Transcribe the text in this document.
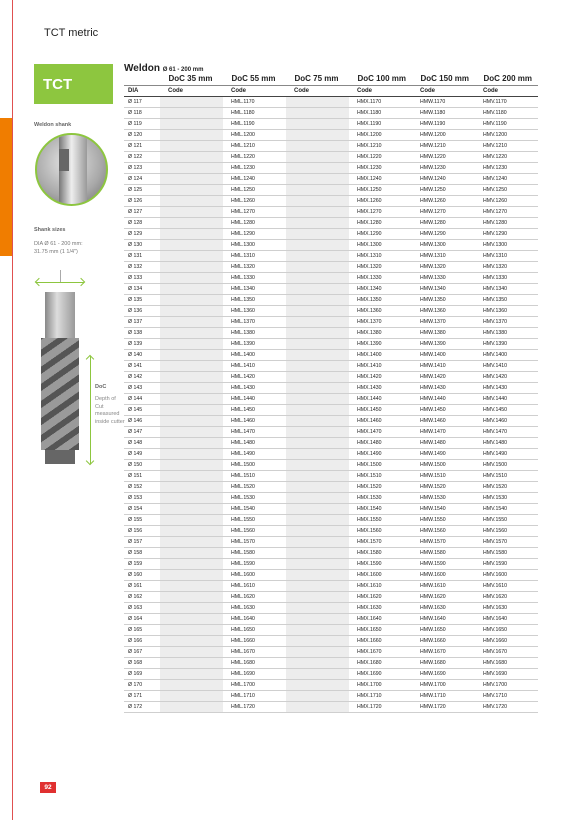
TCT metric
TCT
Weldon shank
Shank sizes
DIA Ø 61 - 200 mm: 31.75 mm (1 1/4")
DoC
Depth of Cut measured inside cutter
Weldon Ø 61 - 200 mm
	DoC 35 mm	DoC 55 mm	DoC 75 mm	DoC 100 mm	DoC 150 mm	DoC 200 mm
DIA	Code	Code	Code	Code	Code	Code
Ø 117		HML.1170		HMX.1170	HMW.1170	HMV.1170
Ø 118		HML.1180		HMX.1180	HMW.1180	HMV.1180
Ø 119		HML.1190		HMX.1190	HMW.1190	HMV.1190
Ø 120		HML.1200		HMX.1200	HMW.1200	HMV.1200
Ø 121		HML.1210		HMX.1210	HMW.1210	HMV.1210
Ø 122		HML.1220		HMX.1220	HMW.1220	HMV.1220
Ø 123		HML.1230		HMX.1230	HMW.1230	HMV.1230
Ø 124		HML.1240		HMX.1240	HMW.1240	HMV.1240
Ø 125		HML.1250		HMX.1250	HMW.1250	HMV.1250
Ø 126		HML.1260		HMX.1260	HMW.1260	HMV.1260
Ø 127		HML.1270		HMX.1270	HMW.1270	HMV.1270
Ø 128		HML.1280		HMX.1280	HMW.1280	HMV.1280
Ø 129		HML.1290		HMX.1290	HMW.1290	HMV.1290
Ø 130		HML.1300		HMX.1300	HMW.1300	HMV.1300
Ø 131		HML.1310		HMX.1310	HMW.1310	HMV.1310
Ø 132		HML.1320		HMX.1320	HMW.1320	HMV.1320
Ø 133		HML.1330		HMX.1330	HMW.1330	HMV.1330
Ø 134		HML.1340		HMX.1340	HMW.1340	HMV.1340
Ø 135		HML.1350		HMX.1350	HMW.1350	HMV.1350
Ø 136		HML.1360		HMX.1360	HMW.1360	HMV.1360
Ø 137		HML.1370		HMX.1370	HMW.1370	HMV.1370
Ø 138		HML.1380		HMX.1380	HMW.1380	HMV.1380
Ø 139		HML.1390		HMX.1390	HMW.1390	HMV.1390
Ø 140		HML.1400		HMX.1400	HMW.1400	HMV.1400
Ø 141		HML.1410		HMX.1410	HMW.1410	HMV.1410
Ø 142		HML.1420		HMX.1420	HMW.1420	HMV.1420
Ø 143		HML.1430		HMX.1430	HMW.1430	HMV.1430
Ø 144		HML.1440		HMX.1440	HMW.1440	HMV.1440
Ø 145		HML.1450		HMX.1450	HMW.1450	HMV.1450
Ø 146		HML.1460		HMX.1460	HMW.1460	HMV.1460
Ø 147		HML.1470		HMX.1470	HMW.1470	HMV.1470
Ø 148		HML.1480		HMX.1480	HMW.1480	HMV.1480
Ø 149		HML.1490		HMX.1490	HMW.1490	HMV.1490
Ø 150		HML.1500		HMX.1500	HMW.1500	HMV.1500
Ø 151		HML.1510		HMX.1510	HMW.1510	HMV.1510
Ø 152		HML.1520		HMX.1520	HMW.1520	HMV.1520
Ø 153		HML.1530		HMX.1530	HMW.1530	HMV.1530
Ø 154		HML.1540		HMX.1540	HMW.1540	HMV.1540
Ø 155		HML.1550		HMX.1550	HMW.1550	HMV.1550
Ø 156		HML.1560		HMX.1560	HMW.1560	HMV.1560
Ø 157		HML.1570		HMX.1570	HMW.1570	HMV.1570
Ø 158		HML.1580		HMX.1580	HMW.1580	HMV.1580
Ø 159		HML.1590		HMX.1590	HMW.1590	HMV.1590
Ø 160		HML.1600		HMX.1600	HMW.1600	HMV.1600
Ø 161		HML.1610		HMX.1610	HMW.1610	HMV.1610
Ø 162		HML.1620		HMX.1620	HMW.1620	HMV.1620
Ø 163		HML.1630		HMX.1630	HMW.1630	HMV.1630
Ø 164		HML.1640		HMX.1640	HMW.1640	HMV.1640
Ø 165		HML.1650		HMX.1650	HMW.1650	HMV.1650
Ø 166		HML.1660		HMX.1660	HMW.1660	HMV.1660
Ø 167		HML.1670		HMX.1670	HMW.1670	HMV.1670
Ø 168		HML.1680		HMX.1680	HMW.1680	HMV.1680
Ø 169		HML.1690		HMX.1690	HMW.1690	HMV.1690
Ø 170		HML.1700		HMX.1700	HMW.1700	HMV.1700
Ø 171		HML.1710		HMX.1710	HMW.1710	HMV.1710
Ø 172		HML.1720		HMX.1720	HMW.1720	HMV.1720
92
